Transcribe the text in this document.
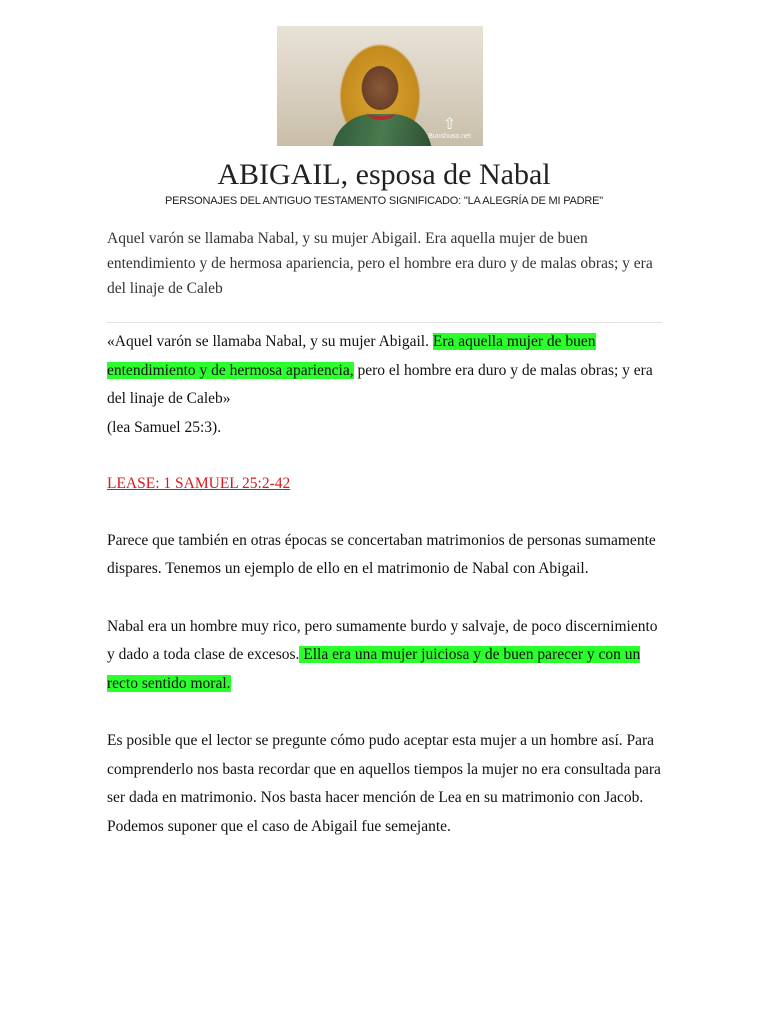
⇧
Bunshuso.net
ABIGAIL, esposa de Nabal
PERSONAJES DEL ANTIGUO TESTAMENTO SIGNIFICADO: "LA ALEGRÍA DE MI PADRE"
Aquel varón se llamaba Nabal, y su mujer Abigail. Era aquella mujer de buen entendimiento y de hermosa apariencia, pero el hombre era duro y de malas obras; y era del linaje de Caleb

«Aquel varón se llamaba Nabal, y su mujer Abigail. Era aquella mujer de buen entendimiento y de hermosa apariencia, pero el hombre era duro y de malas obras; y era del linaje de Caleb»
(lea Samuel 25:3).

LEASE: 1 SAMUEL 25:2-42

Parece que también en otras épocas se concertaban matrimonios de personas sumamente dispares. Tenemos un ejemplo de ello en el matrimonio de Nabal con Abigail.

Nabal era un hombre muy rico, pero sumamente burdo y salvaje, de poco discernimiento y dado a toda clase de excesos. Ella era una mujer juiciosa y de buen parecer y con un recto sentido moral.

Es posible que el lector se pregunte cómo pudo aceptar esta mujer a un hombre así. Para comprenderlo nos basta recordar que en aquellos tiempos la mujer no era consultada para ser dada en matrimonio. Nos basta hacer mención de Lea en su matrimonio con Jacob. Podemos suponer que el caso de Abigail fue semejante.
